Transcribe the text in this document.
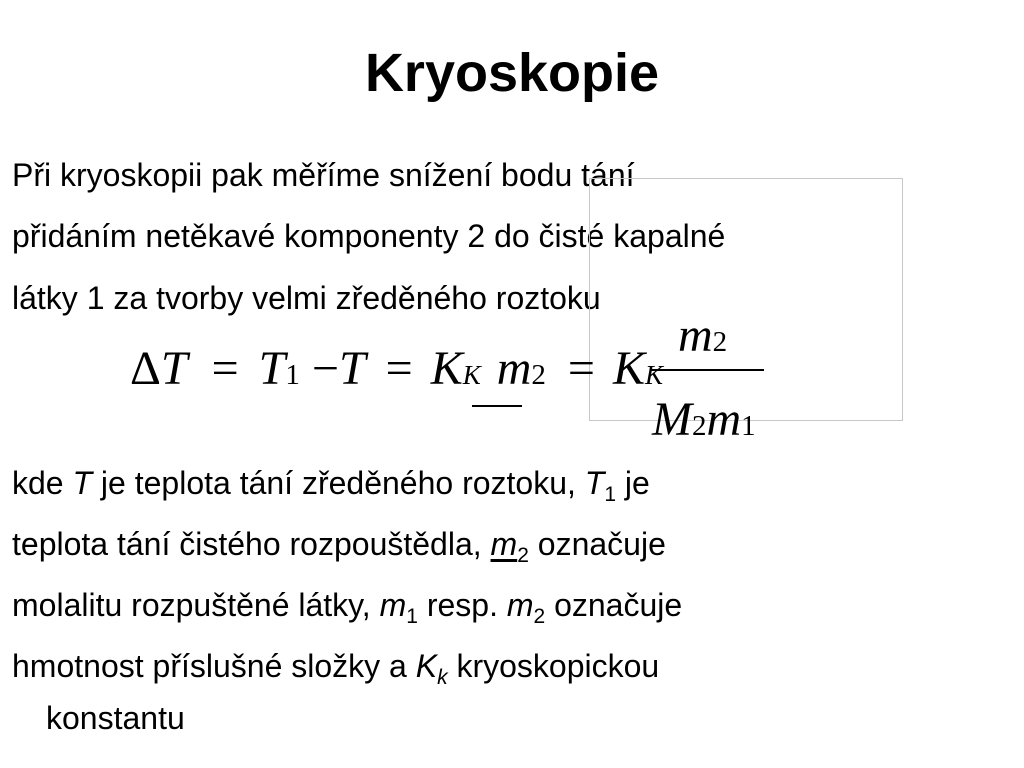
Kryoskopie
Při kryoskopii pak měříme snížení bodu tání
přidáním netěkavé komponenty 2 do čisté kapalné
látky 1 za tvorby velmi zředěného roztoku
ΔT = T1 −T = KK m2 = KK
m2
M2m1
kde T je teplota tání zředěného roztoku, $T_1$ je
teplota tání čistého rozpouštědla, $m_2$ označuje
molalitu rozpuštěné látky, $m_1$ resp. $m_2$ označuje
hmotnost příslušné složky a $K_k$ kryoskopickou
konstantu
